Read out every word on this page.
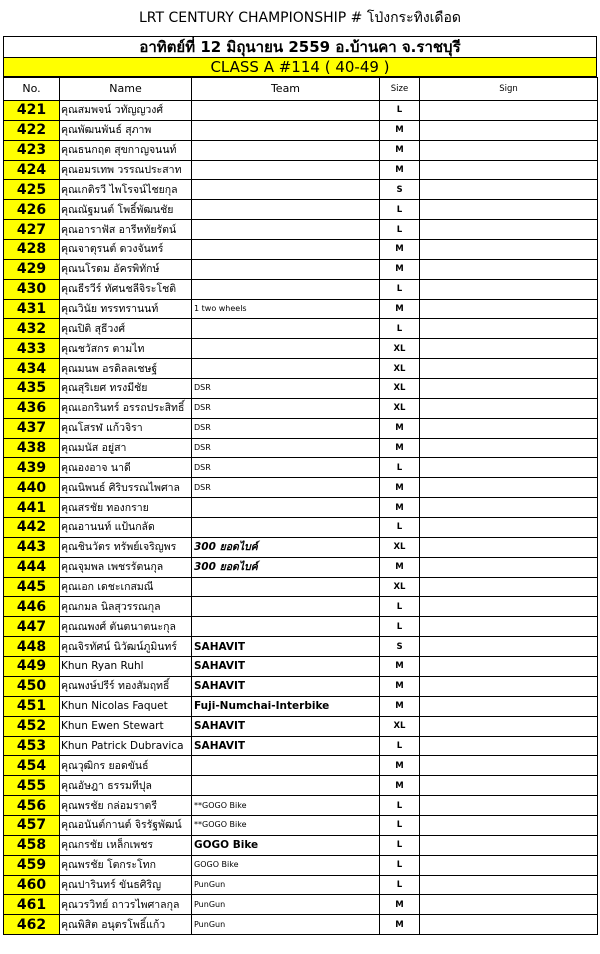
LRT CENTURY CHAMPIONSHIP # โป่งกระทิงเดือด
อาทิตย์ที่ 12 มิถุนายน 2559 อ.บ้านคา จ.ราชบุรี
CLASS A #114 ( 40-49 )
No.	Name	Team	Size	Sign
421	คุณสมพจน์ วทัญญวงศ์		L	
422	คุณพัฒนพันธ์ สุภาพ		M	
423	คุณธนกฤต สุขกาญจนนท์		M	
424	คุณอมรเทพ วรรณประสาท		M	
425	คุณเกติรวี ไพโรจน์ไชยกุล		S	
426	คุณณัฐมนต์ โพธิ์พัฒนชัย		L	
427	คุณอาราฟัส อารีหทัยรัตน์		L	
428	คุณจาตุรนต์ ดวงจันทร์		M	
429	คุณนโรดม อัครพิทักษ์		M	
430	คุณธีรวีร์ ทัศนชลีจิระโชติ		L	
431	คุณวินัย ทรรทรานนท์	1 two wheels	M	
432	คุณปิติ สุธีวงศ์		L	
433	คุณชวัสกร ตามไท		XL	
434	คุณมนพ อรดิลลเชษฐ์		XL	
435	คุณสุริเยศ ทรงมีชัย	DSR	XL	
436	คุณเอกรินทร์ อรรถประสิทธิ์	DSR	XL	
437	คุณโสรฬ แก้วจิรา	DSR	M	
438	คุณมนัส อยู่สา	DSR	M	
439	คุณองอาจ นาดี	DSR	L	
440	คุณนิพนธ์ ศิริบรรณไพศาล	DSR	M	
441	คุณสรชัย ทองกราย		M	
442	คุณอานนท์ แป้นกลัด		L	
443	คุณชินวัตร ทรัพย์เจริญพร	300 ยอดไบค์	XL	
444	คุณจุมพล เพชรรัตนกุล	300 ยอดไบค์	M	
445	คุณเอก เดชะเกสมณี		XL	
446	คุณกมล นิลสุวรรณกุล		L	
447	คุณณพงศ์ ตันตนาตนะกุล		L	
448	คุณจิรทัศน์ นิวัฒน์ภูมินทร์	SAHAVIT	S	
449	Khun Ryan Ruhl	SAHAVIT	M	
450	คุณพงษ์ปรีร์ ทองสัมฤทธิ์	SAHAVIT	M	
451	Khun Nicolas Faquet	Fuji-Numchai-Interbike	M	
452	Khun Ewen Stewart	SAHAVIT	XL	
453	Khun Patrick Dubravica	SAHAVIT	L	
454	คุณวุฒิกร ยอดขันธ์		M	
455	คุณอัษฎา ธรรมทีปุล		M	
456	คุณพรชัย กล่อมราตรี	**GOGO Bike	L	
457	คุณอนันต์กานต์ จิรรัฐพัฒน์	**GOGO Bike	L	
458	คุณกรชัย เหล็กเพชร	GOGO Bike	L	
459	คุณพรชัย โตกระโทก	GOGO Bike	L	
460	คุณปารินทร์ ขันธศิริญ	PunGun	L	
461	คุณวรวิทย์ ถาวรไพศาลกุล	PunGun	M	
462	คุณพิสิต อนุตรโพธิ์แก้ว	PunGun	M	
